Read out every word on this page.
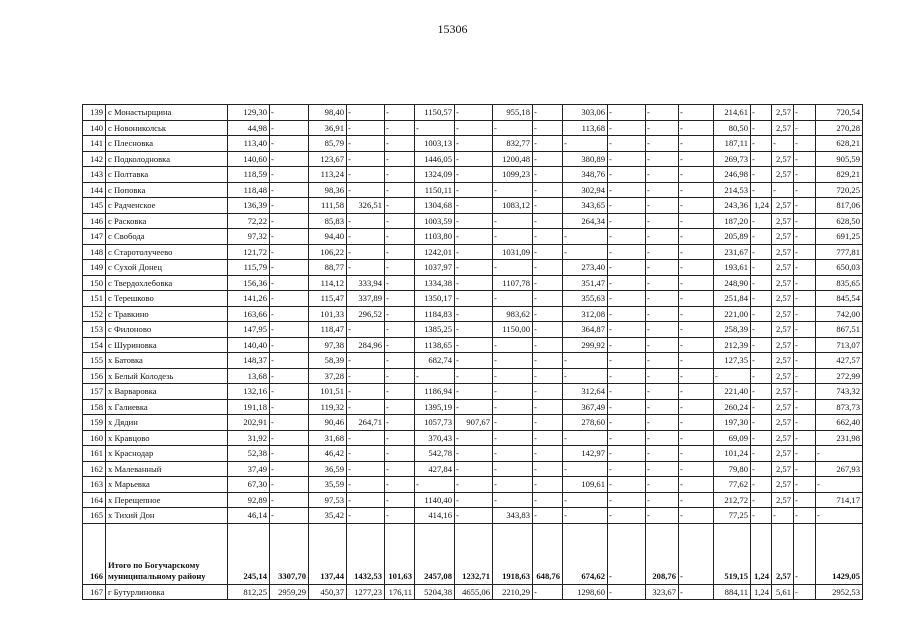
15306
139	с Монастырщина	129,30	-	98,40	-	-	1150,57	-	955,18	-	303,06	-	-	-	214,61	-	2,57	-	720,54
140	с Новониколськ	44,98	-	36,91	-	-	-	-	-	-	113,68	-	-	-	80,50	-	2,57	-	270,28
141	с Плесновка	113,40	-	85,79	-	-	1003,13	-	832,77	-	-	-	-	-	187,11	-	-	-	628,21
142	с Подколодновка	140,60	-	123,67	-	-	1446,05	-	1200,48	-	380,89	-	-	-	269,73	-	2,57	-	905,59
143	с Полтавка	118,59	-	113,24	-	-	1324,09	-	1099,23	-	348,76	-	-	-	246,98	-	2,57	-	829,21
144	с Поповка	118,48	-	98,36	-	-	1150,11	-	-	-	302,94	-	-	-	214,53	-	-	-	720,25
145	с Радченское	136,39	-	111,58	326,51	-	1304,68	-	1083,12	-	343,65	-	-	-	243,36	1,24	2,57	-	817,06
146	с Расковка	72,22	-	85,83	-	-	1003,59	-	-	-	264,34	-	-	-	187,20	-	2,57	-	628,50
147	с Свобода	97,32	-	94,40	-	-	1103,80	-	-	-	-	-	-	-	205,89	-	2,57	-	691,25
148	с Старотолучеево	121,72	-	106,22	-	-	1242,01	-	1031,09	-	-	-	-	-	231,67	-	2,57	-	777,81
149	с Сухой Донец	115,79	-	88,77	-	-	1037,97	-	-	-	273,40	-	-	-	193,61	-	2,57	-	650,03
150	с Твердохлебовка	156,36	-	114,12	333,94	-	1334,38	-	1107,78	-	351,47	-	-	-	248,90	-	2,57	-	835,65
151	с Терешково	141,26	-	115,47	337,89	-	1350,17	-	-	-	355,63	-	-	-	251,84	-	2,57	-	845,54
152	с Травкино	163,66	-	101,33	296,52	-	1184,83	-	983,62	-	312,08	-	-	-	221,00	-	2,57	-	742,00
153	с Филоново	147,95	-	118,47	-	-	1385,25	-	1150,00	-	364,87	-	-	-	258,39	-	2,57	-	867,51
154	с Шуриновка	140,40	-	97,38	284,96	-	1138,65	-	-	-	299,92	-	-	-	212,39	-	2,57	-	713,07
155	х Батовка	148,37	-	58,39	-	-	682,74	-	-	-	-	-	-	-	127,35	-	2,57	-	427,57
156	х Белый Колодезь	13,68	-	37,28	-	-	-	-	-	-	-	-	-	-	-	-	2,57	-	272,99
157	х Варваровка	132,16	-	101,51	-	-	1186,94	-	-	-	312,64	-	-	-	221,40	-	2,57	-	743,32
158	х Галиевка	191,18	-	119,32	-	-	1395,19	-	-	-	367,49	-	-	-	260,24	-	2,57	-	873,73
159	х Дядин	202,91	-	90,46	264,71	-	1057,73	907,67	-	-	278,60	-	-	-	197,30	-	2,57	-	662,40
160	х Кравцово	31,92	-	31,68	-	-	370,43	-	-	-	-	-	-	-	69,09	-	2,57	-	231,98
161	х Краснодар	52,38	-	46,42	-	-	542,78	-	-	-	142,97	-	-	-	101,24	-	2,57	-	-
162	х Малеванный	37,49	-	36,59	-	-	427,84	-	-	-	-	-	-	-	79,80	-	2,57	-	267,93
163	х Марьевка	67,30	-	35,59	-	-	-	-	-	-	109,61	-	-	-	77,62	-	2,57	-	-
164	х Перещепное	92,89	-	97,53	-	-	1140,40	-	-	-	-	-	-	-	212,72	-	2,57	-	714,17
165	х Тихий Дон	46,14	-	35,42	-	-	414,16	-	343,83	-	-	-	-	-	77,25	-	-	-	-
166	Итого по Богучарскому муниципальному району	245,14	3307,70	137,44	1432,53	101,63	2457,08	1232,71	1918,63	648,76	674,62	-	208,76	-	519,15	1,24	2,57	-	1429,05
167	г Бутурлиновка	812,25	2959,29	450,37	1277,23	176,11	5204,38	4655,06	2210,29	-	1298,60	-	323,67	-	884,11	1,24	5,61	-	2952,53
